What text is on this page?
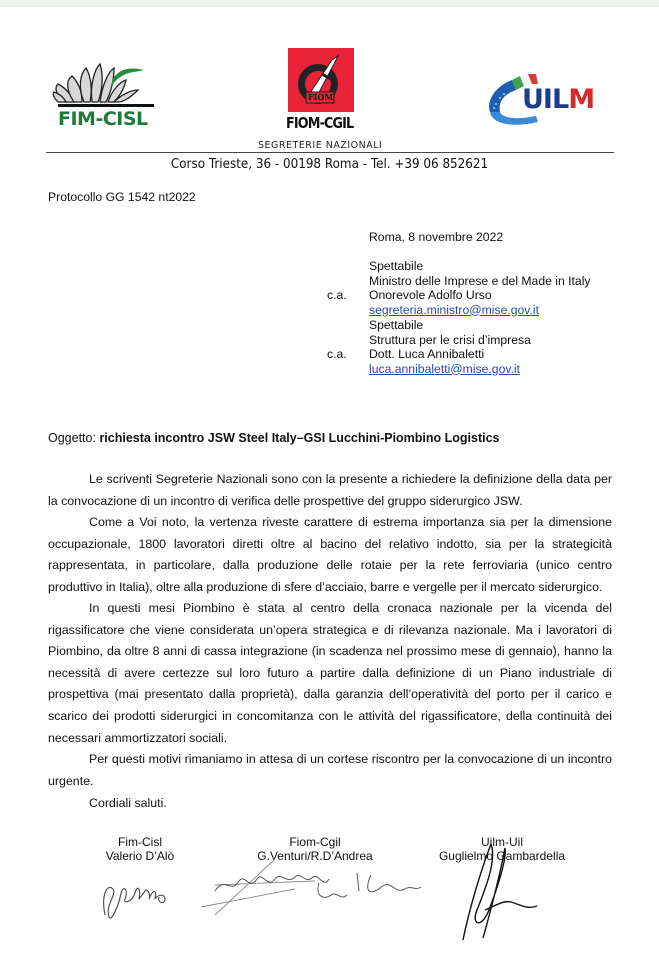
FIM-CISL
FIOM
FIOM-CGIL
UILM
SEGRETERIE NAZIONALI
Corso Trieste, 36 - 00198 Roma - Tel. +39 06 852621
Protocollo GG 1542 nt2022
Roma, 8 novembre 2022
Spettabile
Ministro delle Imprese e del Made in Italy
Onorevole Adolfo Urso
segreteria.ministro@mise.gov.it
c.a.
Spettabile
Struttura per le crisi d’impresa
Dott. Luca Annibaletti
luca.annibaletti@mise.gov.it
c.a.
Oggetto: richiesta incontro JSW Steel Italy–GSI Lucchini-Piombino Logistics

Le scriventi Segreterie Nazionali sono con la presente a richiedere la definizione della data per la convocazione di un incontro di verifica delle prospettive del gruppo siderurgico JSW.

Come a Voi noto, la vertenza riveste carattere di estrema importanza sia per la dimensione occupazionale, 1800 lavoratori diretti oltre al bacino del relativo indotto, sia per la strategicità rappresentata, in particolare, dalla produzione delle rotaie per la rete ferroviaria (unico centro produttivo in Italia), oltre alla produzione di sfere d’acciaio, barre e vergelle per il mercato siderurgico.

In questi mesi Piombino è stata al centro della cronaca nazionale per la vicenda del rigassificatore che viene considerata un’opera strategica e di rilevanza nazionale. Ma i lavoratori di Piombino, da oltre 8 anni di cassa integrazione (in scadenza nel prossimo mese di gennaio), hanno la necessità di avere certezze sul loro futuro a partire dalla definizione di un Piano industriale di prospettiva (mai presentato dalla proprietà), dalla garanzia dell’operatività del porto per il carico e scarico dei prodotti siderurgici in concomitanza con le attività del rigassificatore, della continuità dei necessari ammortizzatori sociali.

Per questi motivi rimaniamo in attesa di un cortese riscontro per la convocazione di un incontro urgente.

Cordiali saluti.

Fim-Cisl
Valerio D’Alò
Fiom-Cgil
G.Venturi/R.D’Andrea
Uilm-Uil
Guglielmo Gambardella
